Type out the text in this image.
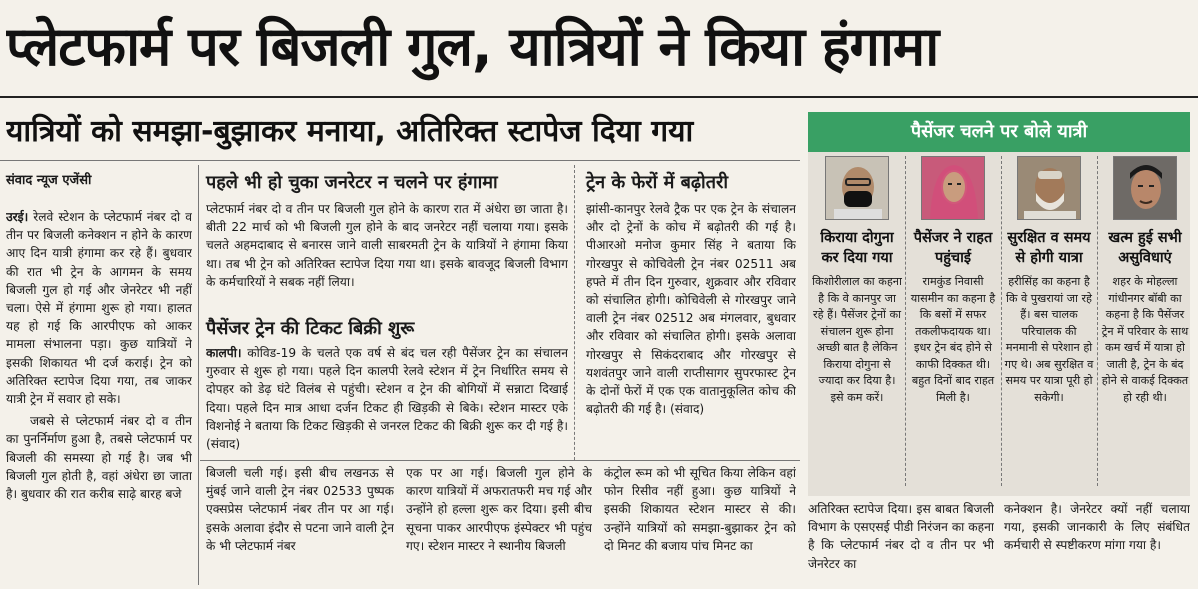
प्लेटफार्म पर बिजली गुल, यात्रियों ने किया हंगामा
यात्रियों को समझा-बुझाकर मनाया, अतिरिक्त स्टापेज दिया गया
संवाद न्यूज एजेंसी

उरई। रेलवे स्टेशन के प्लेटफार्म नंबर दो व तीन पर बिजली कनेक्शन न होने के कारण आए दिन यात्री हंगामा कर रहे हैं। बुधवार की रात भी ट्रेन के आगमन के समय बिजली गुल हो गई और जेनरेटर भी नहीं चला। ऐसे में हंगामा शुरू हो गया। हालत यह हो गई कि आरपीएफ को आकर मामला संभालना पड़ा। कुछ यात्रियों ने इसकी शिकायत भी दर्ज कराई। ट्रेन को अतिरिक्त स्टापेज दिया गया, तब जाकर यात्री ट्रेन में सवार हो सके।

जबसे से प्लेटफार्म नंबर दो व तीन का पुनर्निर्माण हुआ है, तबसे प्लेटफार्म पर बिजली की समस्या हो गई है। जब भी बिजली गुल होती है, वहां अंधेरा छा जाता है। बुधवार की रात करीब साढ़े बारह बजे

पहले भी हो चुका जनरेटर न चलने पर हंगामा
प्लेटफार्म नंबर दो व तीन पर बिजली गुल होने के कारण रात में अंधेरा छा जाता है। बीती 22 मार्च को भी बिजली गुल होने के बाद जनरेटर नहीं चलाया गया। इसके चलते अहमदाबाद से बनारस जाने वाली साबरमती ट्रेन के यात्रियों ने हंगामा किया था। तब भी ट्रेन को अतिरिक्त स्टापेज दिया गया था। इसके बावजूद बिजली विभाग के कर्मचारियों ने सबक नहीं लिया।
पैसेंजर ट्रेन की टिकट बिक्री शुरू
कालपी। कोविड-19 के चलते एक वर्ष से बंद चल रही पैसेंजर ट्रेन का संचालन गुरुवार से शुरू हो गया। पहले दिन कालपी रेलवे स्टेशन में ट्रेन निर्धारित समय से दोपहर को डेढ़ घंटे विलंब से पहुंची। स्टेशन व ट्रेन की बोगियों में सन्नाटा दिखाई दिया। पहले दिन मात्र आधा दर्जन टिकट ही खिड़की से बिके। स्टेशन मास्टर एके विशनोई ने बताया कि टिकट खिड़की से जनरल टिकट की बिक्री शुरू कर दी गई है। (संवाद)
ट्रेन के फेरों में बढ़ोतरी
झांसी-कानपुर रेलवे ट्रैक पर एक ट्रेन के संचालन और दो ट्रेनों के कोच में बढ़ोतरी की गई है। पीआरओ मनोज कुमार सिंह ने बताया कि गोरखपुर से कोचिवेली ट्रेन नंबर 02511 अब हफ्ते में तीन दिन गुरुवार, शुक्रवार और रविवार को संचालित होगी। कोचिवेली से गोरखपुर जाने वाली ट्रेन नंबर 02512 अब मंगलवार, बुधवार और रविवार को संचालित होगी। इसके अलावा गोरखपुर से सिकंदराबाद और गोरखपुर से यशवंतपुर जाने वाली राप्तीसागर सुपरफास्ट ट्रेन के दोनों फेरों में एक एक वातानुकूलित कोच की बढ़ोतरी की गई है। (संवाद)
बिजली चली गई। इसी बीच लखनऊ से मुंबई जाने वाली ट्रेन नंबर 02533 पुष्पक एक्सप्रेस प्लेटफार्म नंबर तीन पर आ गई। इसके अलावा इंदौर से पटना जाने वाली ट्रेन के भी प्लेटफार्म नंबर
एक पर आ गई। बिजली गुल होने के कारण यात्रियों में अफरातफरी मच गई और उन्होंने हो हल्ला शुरू कर दिया। इसी बीच सूचना पाकर आरपीएफ इंस्पेक्टर भी पहुंच गए। स्टेशन मास्टर ने स्थानीय बिजली
कंट्रोल रूम को भी सूचित किया लेकिन वहां फोन रिसीव नहीं हुआ। कुछ यात्रियों ने इसकी शिकायत स्टेशन मास्टर से की। उन्होंने यात्रियों को समझा-बुझाकर ट्रेन को दो मिनट की बजाय पांच मिनट का
अतिरिक्त स्टापेज दिया। इस बाबत बिजली विभाग के एसएसई पीडी निरंजन का कहना है कि प्लेटफार्म नंबर दो व तीन पर भी जेनरेटर का
कनेक्शन है। जेनरेटर क्यों नहीं चलाया गया, इसकी जानकारी के लिए संबंधित कर्मचारी से स्पष्टीकरण मांगा गया है।
पैसेंजर चलने पर बोले यात्री
किराया दोगुना कर दिया गया
किशोरीलाल का कहना है कि वे कानपुर जा रहे हैं। पैसेंजर ट्रेनों का संचालन शुरू होना अच्छी बात है लेकिन किराया दोगुना से ज्यादा कर दिया है। इसे कम करें।
पैसेंजर ने राहत पहुंचाई
रामकुंड निवासी यासमीन का कहना है कि बसों में सफर तकलीफदायक था। इधर ट्रेन बंद होने से काफी दिक्कत थी। बहुत दिनों बाद राहत मिली है।
सुरक्षित व समय से होगी यात्रा
हरीसिंह का कहना है कि वे पुखरायां जा रहे हैं। बस चालक परिचालक की मनमानी से परेशान हो गए थे। अब सुरक्षित व समय पर यात्रा पूरी हो सकेगी।
खत्म हुई सभी असुविधाएं
शहर के मोहल्ला गांधीनगर बॉबी का कहना है कि पैसेंजर ट्रेन में परिवार के साथ कम खर्च में यात्रा हो जाती है, ट्रेन के बंद होने से वाकई दिक्कत हो रही थी।
